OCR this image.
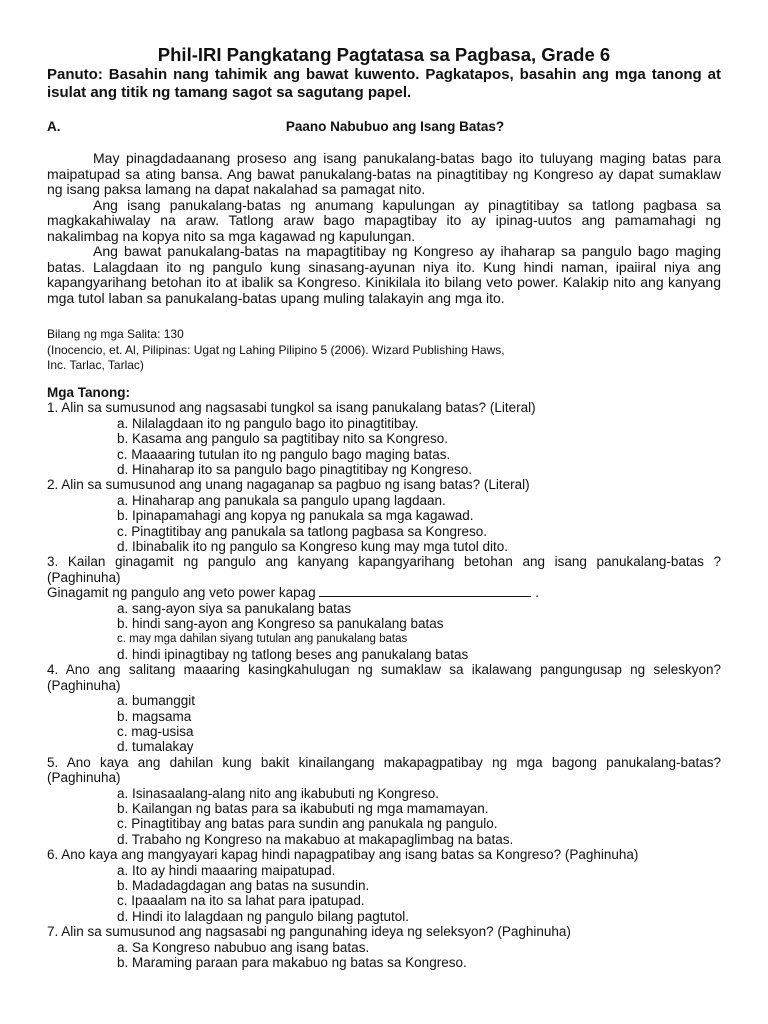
Phil-IRI Pangkatang Pagtatasa sa Pagbasa, Grade 6
Panuto: Basahin nang tahimik ang bawat kuwento. Pagkatapos, basahin ang mga tanong at isulat ang titik ng tamang sagot sa sagutang papel.
A.	Paano Nabubuo ang Isang Batas?

May pinagdadaanang proseso ang isang panukalang-batas bago ito tuluyang maging batas para maipatupad sa ating bansa. Ang bawat panukalang-batas na pinagtitibay ng Kongreso ay dapat sumaklaw ng isang paksa lamang na dapat nakalahad sa pamagat nito.

Ang isang panukalang-batas ng anumang kapulungan ay pinagtitibay sa tatlong pagbasa sa magkakahiwalay na araw. Tatlong araw bago mapagtibay ito ay ipinag-uutos ang pamamahagi ng nakalimbag na kopya nito sa mga kagawad ng kapulungan.

Ang bawat panukalang-batas na mapagtitibay ng Kongreso ay ihaharap sa pangulo bago maging batas. Lalagdaan ito ng pangulo kung sinasang-ayunan niya ito. Kung hindi naman, ipaiiral niya ang kapangyarihang betohan ito at ibalik sa Kongreso. Kinikilala ito bilang veto power. Kalakip nito ang kanyang mga tutol laban sa panukalang-batas upang muling talakayin ang mga ito.

Bilang ng mga Salita: 130
(Inocencio, et. Al, Pilipinas: Ugat ng Lahing Pilipino 5 (2006). Wizard Publishing Haws,
Inc. Tarlac, Tarlac)
Mga Tanong:
1. Alin sa sumusunod ang nagsasabi tungkol sa isang panukalang batas? (Literal)
a. Nilalagdaan ito ng pangulo bago ito pinagtitibay.
b. Kasama ang pangulo sa pagtitibay nito sa Kongreso.
c. Maaaaring tutulan ito ng pangulo bago maging batas.
d. Hinaharap ito sa pangulo bago pinagtitibay ng Kongreso.
2. Alin sa sumusunod ang unang nagaganap sa pagbuo ng isang batas? (Literal)
a. Hinaharap ang panukala sa pangulo upang lagdaan.
b. Ipinapamahagi ang kopya ng panukala sa mga kagawad.
c. Pinagtitibay ang panukala sa tatlong pagbasa sa Kongreso.
d. Ibinabalik ito ng pangulo sa Kongreso kung may mga tutol dito.
3. Kailan ginagamit ng pangulo ang kanyang kapangyarihang betohan ang isang panukalang-batas ? (Paghinuha)
Ginagamit ng pangulo ang veto power kapag	.
a. sang-ayon siya sa panukalang batas
b. hindi sang-ayon ang Kongreso sa panukalang batas
c. may mga dahilan siyang tutulan ang panukalang batas
d. hindi ipinagtibay ng tatlong beses ang panukalang batas
4. Ano ang salitang maaaring kasingkahulugan ng sumaklaw sa ikalawang pangungusap ng seleskyon? (Paghinuha)
a. bumanggit
b. magsama
c. mag-usisa
d. tumalakay
5. Ano kaya ang dahilan kung bakit kinailangang makapagpatibay ng mga bagong panukalang-batas? (Paghinuha)
a. Isinasaalang-alang nito ang ikabubuti ng Kongreso.
b. Kailangan ng batas para sa ikabubuti ng mga mamamayan.
c. Pinagtitibay ang batas para sundin ang panukala ng pangulo.
d. Trabaho ng Kongreso na makabuo at makapaglimbag na batas.
6. Ano kaya ang mangyayari kapag hindi napagpatibay ang isang batas sa Kongreso? (Paghinuha)
a. Ito ay hindi maaaring maipatupad.
b. Madadagdagan ang batas na susundin.
c. Ipaaalam na ito sa lahat para ipatupad.
d. Hindi ito lalagdaan ng pangulo bilang pagtutol.
7. Alin sa sumusunod ang nagsasabi ng pangunahing ideya ng seleksyon? (Paghinuha)
a. Sa Kongreso nabubuo ang isang batas.
b. Maraming paraan para makabuo ng batas sa Kongreso.
